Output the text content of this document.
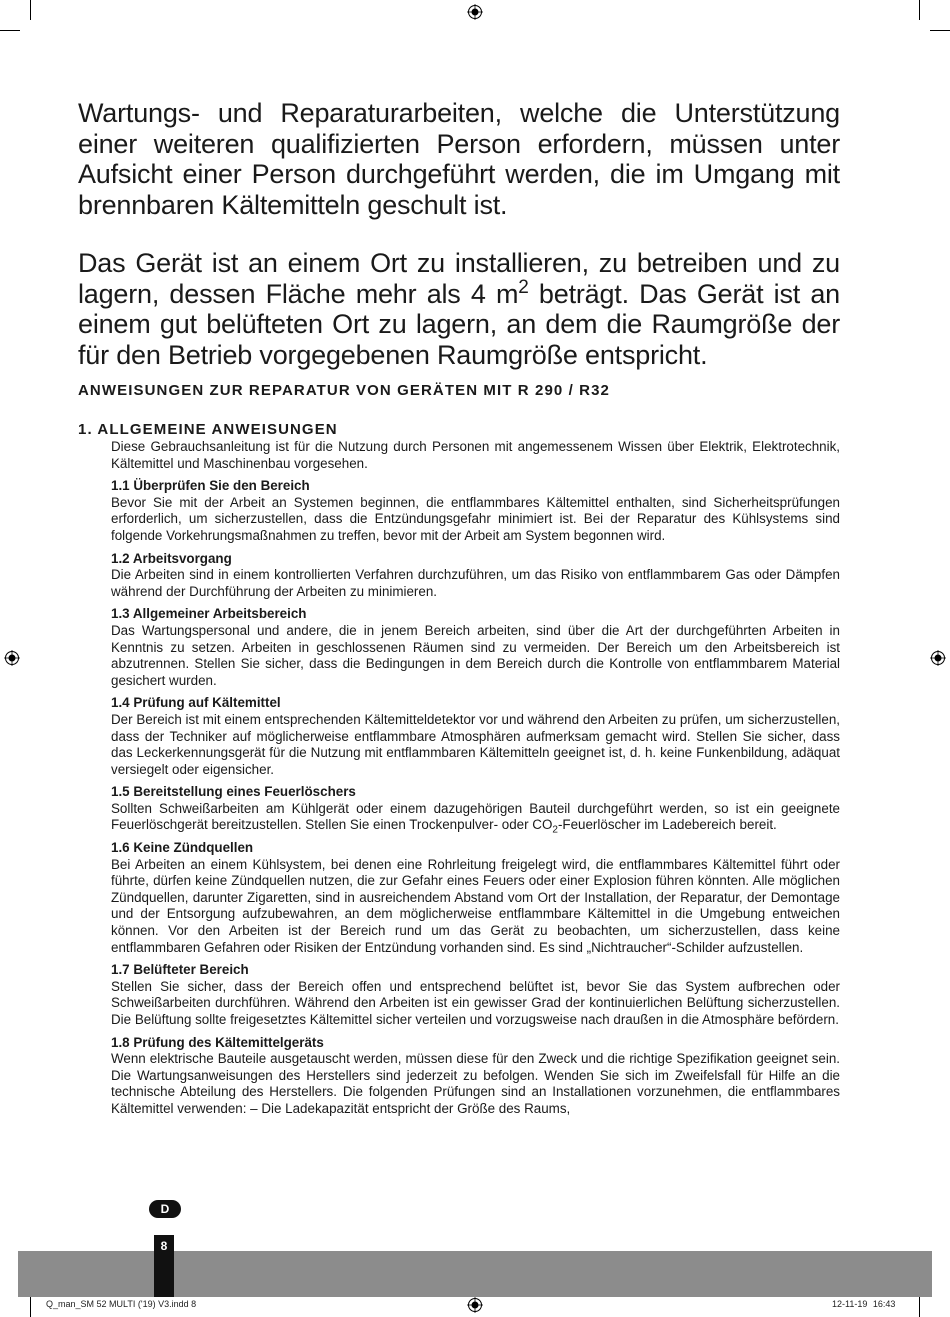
Wartungs- und Reparaturarbeiten, welche die Unterstützung einer weiteren qualifizierten Person erfordern, müssen unter Aufsicht einer Person durchgeführt werden, die im Umgang mit brennbaren Kältemitteln geschult ist.

Das Gerät ist an einem Ort zu installieren, zu betreiben und zu lagern, dessen Fläche mehr als 4 $m^2$ beträgt. Das Gerät ist an einem gut belüfteten Ort zu lagern, an dem die Raumgröße der für den Betrieb vorgegebenen Raumgröße entspricht.

ANWEISUNGEN ZUR REPARATUR VON GERÄTEN MIT R 290 / R32
1. ALLGEMEINE ANWEISUNGEN

Diese Gebrauchsanleitung ist für die Nutzung durch Personen mit angemessenem Wissen über Elektrik, Elektrotechnik, Kältemittel und Maschinenbau vorgesehen.

1.1 Überprüfen Sie den Bereich

Bevor Sie mit der Arbeit an Systemen beginnen, die entflammbares Kältemittel enthalten, sind Sicherheitsprüfungen erforderlich, um sicherzustellen, dass die Entzündungsgefahr minimiert ist. Bei der Reparatur des Kühlsystems sind folgende Vorkehrungsmaßnahmen zu treffen, bevor mit der Arbeit am System begonnen wird.

1.2 Arbeitsvorgang

Die Arbeiten sind in einem kontrollierten Verfahren durchzuführen, um das Risiko von entflammbarem Gas oder Dämpfen während der Durchführung der Arbeiten zu minimieren.

1.3 Allgemeiner Arbeitsbereich

Das Wartungspersonal und andere, die in jenem Bereich arbeiten, sind über die Art der durchgeführten Arbeiten in Kenntnis zu setzen. Arbeiten in geschlossenen Räumen sind zu vermeiden. Der Bereich um den Arbeitsbereich ist abzutrennen. Stellen Sie sicher, dass die Bedingungen in dem Bereich durch die Kontrolle von entflammbarem Material gesichert wurden.

1.4 Prüfung auf Kältemittel

Der Bereich ist mit einem entsprechenden Kältemitteldetektor vor und während den Arbeiten zu prüfen, um sicherzustellen, dass der Techniker auf möglicherweise entflammbare Atmosphären aufmerksam gemacht wird. Stellen Sie sicher, dass das Leckerkennungsgerät für die Nutzung mit entflammbaren Kältemitteln geeignet ist, d. h. keine Funkenbildung, adäquat versiegelt oder eigensicher.

1.5 Bereitstellung eines Feuerlöschers

Sollten Schweißarbeiten am Kühlgerät oder einem dazugehörigen Bauteil durchgeführt werden, so ist ein geeignete Feuerlöschgerät bereitzustellen. Stellen Sie einen Trockenpulver- oder $CO_2$-Feuerlöscher im Ladebereich bereit.

1.6 Keine Zündquellen

Bei Arbeiten an einem Kühlsystem, bei denen eine Rohrleitung freigelegt wird, die entflammbares Kältemittel führt oder führte, dürfen keine Zündquellen nutzen, die zur Gefahr eines Feuers oder einer Explosion führen könnten. Alle möglichen Zündquellen, darunter Zigaretten, sind in ausreichendem Abstand vom Ort der Installation, der Reparatur, der Demontage und der Entsorgung aufzubewahren, an dem möglicherweise entflammbare Kältemittel in die Umgebung entweichen können. Vor den Arbeiten ist der Bereich rund um das Gerät zu beobachten, um sicherzustellen, dass keine entflammbaren Gefahren oder Risiken der Entzündung vorhanden sind. Es sind „Nichtraucher“-Schilder aufzustellen.

1.7 Belüfteter Bereich

Stellen Sie sicher, dass der Bereich offen und entsprechend belüftet ist, bevor Sie das System aufbrechen oder Schweißarbeiten durchführen. Während den Arbeiten ist ein gewisser Grad der kontinuierlichen Belüftung sicherzustellen. Die Belüftung sollte freigesetztes Kältemittel sicher verteilen und vorzugsweise nach draußen in die Atmosphäre befördern.

1.8 Prüfung des Kältemittelgeräts

Wenn elektrische Bauteile ausgetauscht werden, müssen diese für den Zweck und die richtige Spezifikation geeignet sein. Die Wartungsanweisungen des Herstellers sind jederzeit zu befolgen. Wenden Sie sich im Zweifelsfall für Hilfe an die technische Abteilung des Herstellers. Die folgenden Prüfungen sind an Installationen vorzunehmen, die entflammbares Kältemittel verwenden: – Die Ladekapazität entspricht der Größe des Raums,

D
8
Q_man_SM 52 MULTI ('19) V3.indd 8	12-11-19 16:43
